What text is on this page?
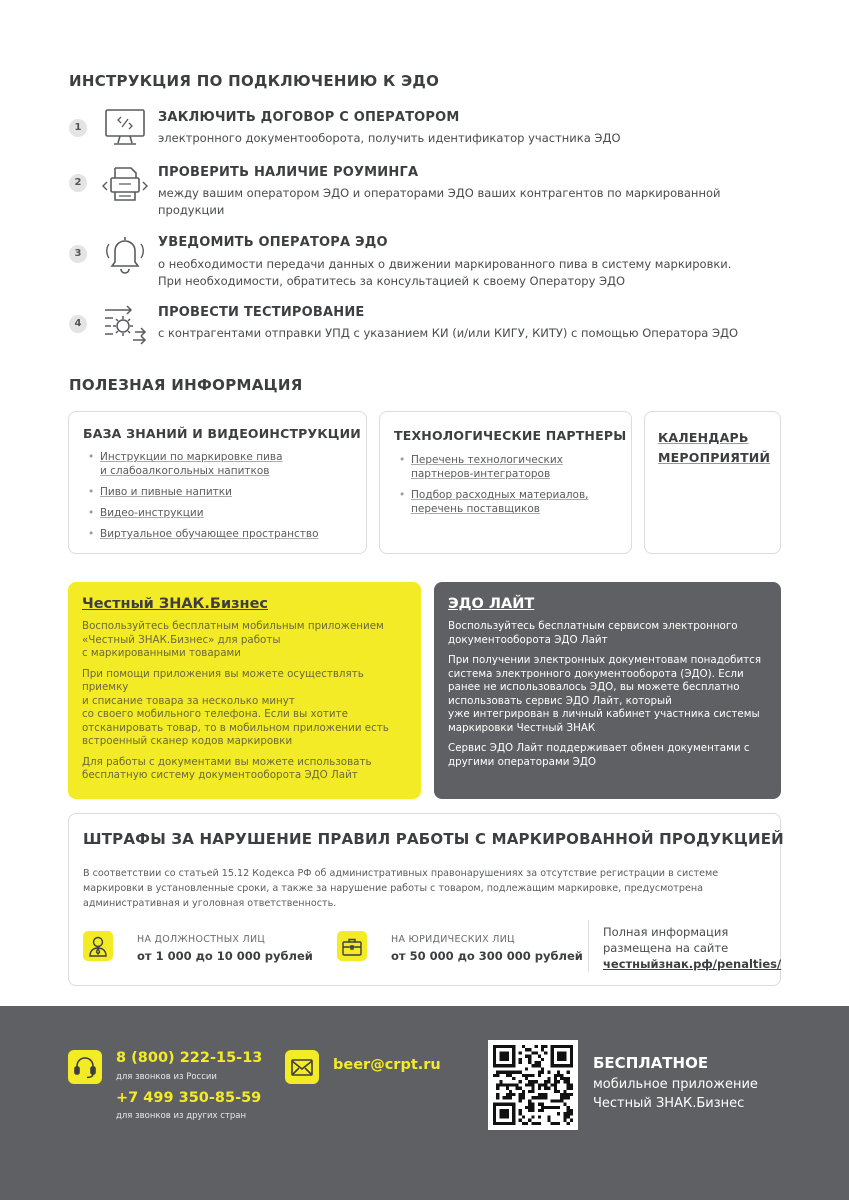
ИНСТРУКЦИЯ ПО ПОДКЛЮЧЕНИЮ К ЭДО
1
ЗАКЛЮЧИТЬ ДОГОВОР С ОПЕРАТОРОМ
электронного документооборота, получить идентификатор участника ЭДО
2
ПРОВЕРИТЬ НАЛИЧИЕ РОУМИНГА
между вашим оператором ЭДО и операторами ЭДО ваших контрагентов по маркированной
продукции
3
УВЕДОМИТЬ ОПЕРАТОРА ЭДО
о необходимости передачи данных о движении маркированного пива в систему маркировки.
При необходимости, обратитесь за консультацией к своему Оператору ЭДО
4
ПРОВЕСТИ ТЕСТИРОВАНИЕ
с контрагентами отправки УПД с указанием КИ (и/или КИГУ, КИТУ) с помощью Оператора ЭДО
ПОЛЕЗНАЯ ИНФОРМАЦИЯ
БАЗА ЗНАНИЙ И ВИДЕОИНСТРУКЦИИ
• Инструкции по маркировке пива
и слабоалкогольных напитков
• Пиво и пивные напитки
• Видео-инструкции
• Виртуальное обучающее пространство
ТЕХНОЛОГИЧЕСКИЕ ПАРТНЕРЫ
• Перечень технологических
партнеров-интеграторов
• Подбор расходных материалов,
перечень поставщиков
КАЛЕНДАРЬ
МЕРОПРИЯТИЙ
Честный ЗНАК.Бизнес

Воспользуйтесь бесплатным мобильным приложением
«Честный ЗНАК.Бизнес» для работы
с маркированными товарами

При помощи приложения вы можете осуществлять приемку
и списание товара за несколько минут
со своего мобильного телефона. Если вы хотите
отсканировать товар, то в мобильном приложении есть
встроенный сканер кодов маркировки

Для работы с документами вы можете использовать
бесплатную систему документооборота ЭДО Лайт

ЭДО ЛАЙТ

Воспользуйтесь бесплатным сервисом электронного
документооборота ЭДО Лайт

При получении электронных документовам понадобится
система электронного документооборота (ЭДО). Если
ранее не использовалось ЭДО, вы можете бесплатно
использовать сервис ЭДО Лайт, который
уже интегрирован в личный кабинет участника системы
маркировки Честный ЗНАК

Сервис ЭДО Лайт поддерживает обмен документами с
другими операторами ЭДО

ШТРАФЫ ЗА НАРУШЕНИЕ ПРАВИЛ РАБОТЫ С МАРКИРОВАННОЙ ПРОДУКЦИЕЙ
В соответствии со статьей 15.12 Кодекса РФ об административных правонарушениях за отсутствие регистрации в системе
маркировки в установленные сроки, а также за нарушение работы с товаром, подлежащим маркировке, предусмотрена
административная и уголовная ответственность.
НА ДОЛЖНОСТНЫХ ЛИЦ
от 1 000 до 10 000 рублей
НА ЮРИДИЧЕСКИХ ЛИЦ
от 50 000 до 300 000 рублей
Полная информация
размещена на сайте
честныйзнак.рф/penalties/
8 (800) 222-15-13
для звонков из России
+7 499 350-85-59
для звонков из других стран
beer@crpt.ru	БЕСПЛАТНОЕ
мобильное приложение
Честный ЗНАК.Бизнес
